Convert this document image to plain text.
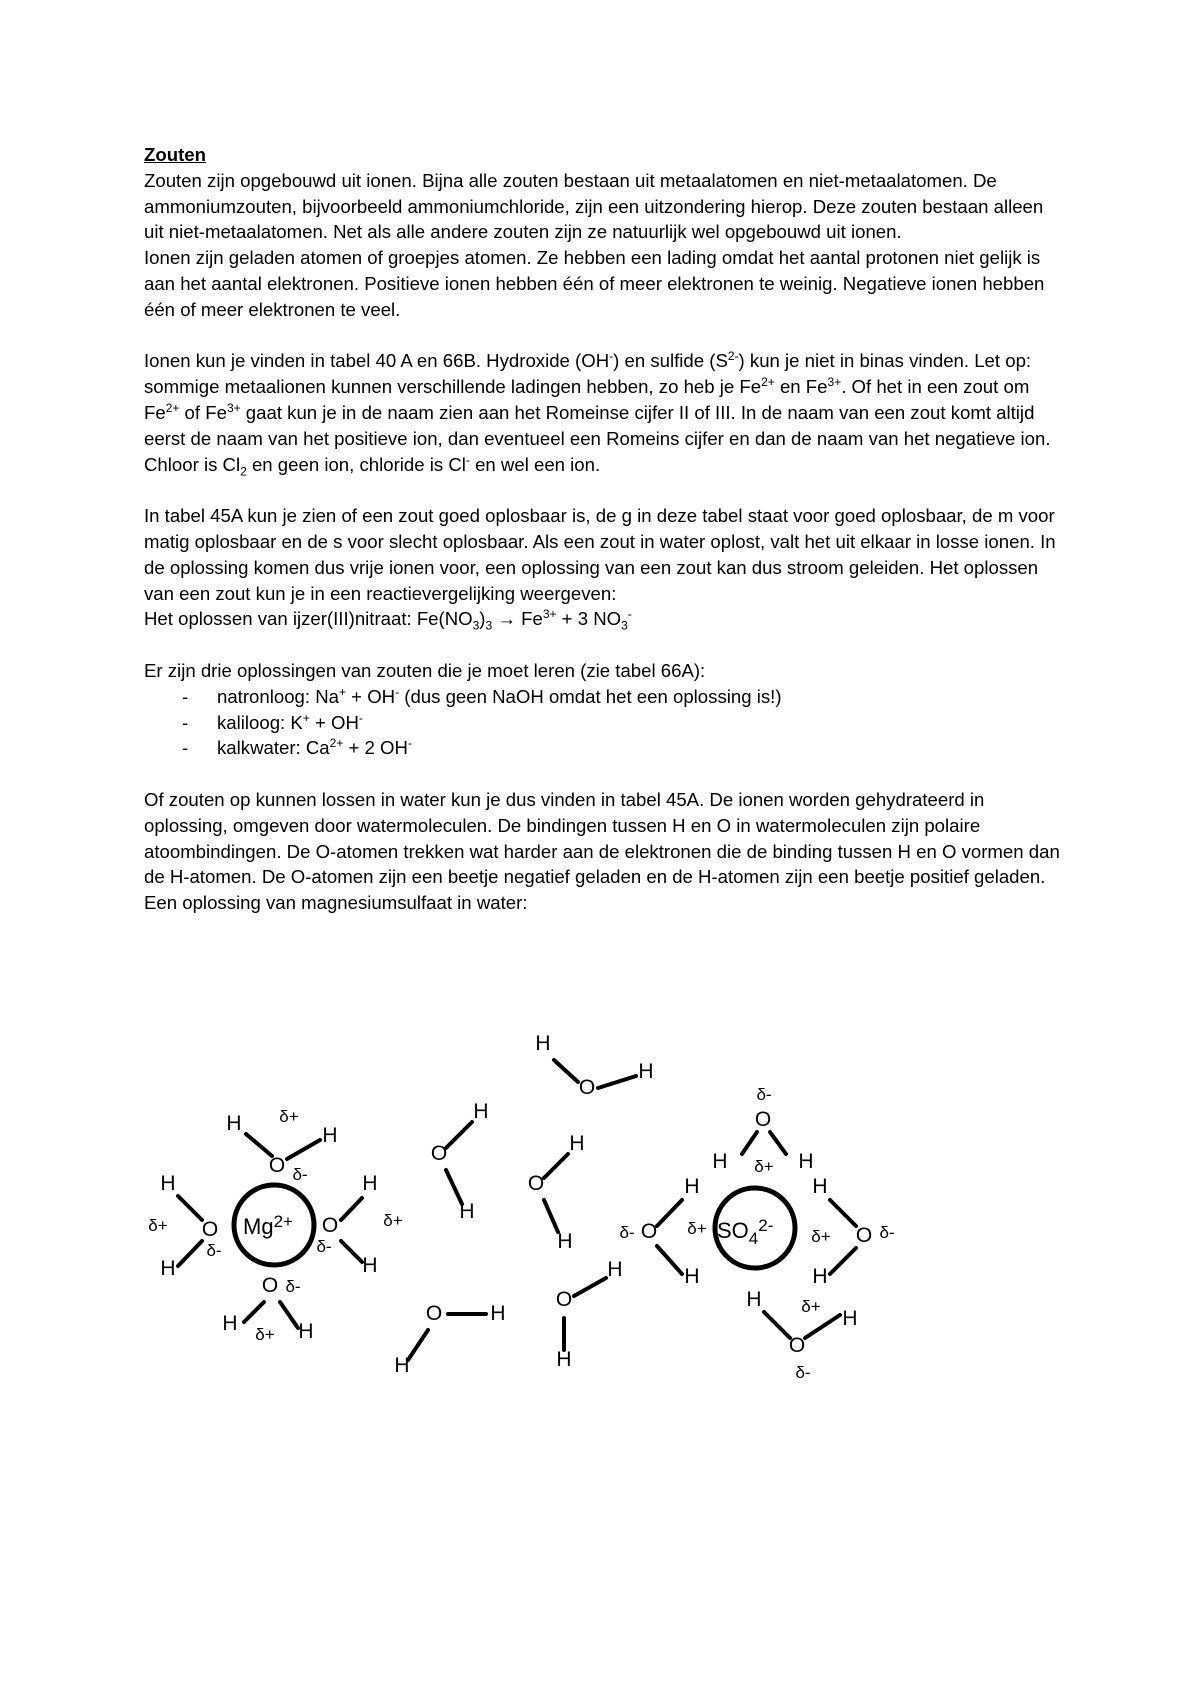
Zouten

Zouten zijn opgebouwd uit ionen. Bijna alle zouten bestaan uit metaalatomen en niet-metaalatomen. De ammoniumzouten, bijvoorbeeld ammoniumchloride, zijn een uitzondering hierop. Deze zouten bestaan alleen uit niet-metaalatomen. Net als alle andere zouten zijn ze natuurlijk wel opgebouwd uit ionen.

Ionen zijn geladen atomen of groepjes atomen. Ze hebben een lading omdat het aantal protonen niet gelijk is aan het aantal elektronen. Positieve ionen hebben één of meer elektronen te weinig. Negatieve ionen hebben één of meer elektronen te veel.

Ionen kun je vinden in tabel 40 A en 66B. Hydroxide (OH-) en sulfide $(S^{2-})$ kun je niet in binas vinden. Let op: sommige metaalionen kunnen verschillende ladingen hebben, zo heb je $Fe^{2+}$ en $Fe^{3+}$. Of het in een zout om $Fe^{2+}$ of $Fe^{3+}$ gaat kun je in de naam zien aan het Romeinse cijfer II of III. In de naam van een zout komt altijd eerst de naam van het positieve ion, dan eventueel een Romeins cijfer en dan de naam van het negatieve ion.

Chloor is $Cl_2$ en geen ion, chloride is Cl- en wel een ion.

In tabel 45A kun je zien of een zout goed oplosbaar is, de g in deze tabel staat voor goed oplosbaar, de m voor matig oplosbaar en de s voor slecht oplosbaar. Als een zout in water oplost, valt het uit elkaar in losse ionen. In de oplossing komen dus vrije ionen voor, een oplossing van een zout kan dus stroom geleiden. Het oplossen van een zout kun je in een reactievergelijking weergeven:

Het oplossen van ijzer(III)nitraat: $Fe(NO_3)_3 \to Fe^{3+} + 3$ $NO_3^-$

Er zijn drie oplossingen van zouten die je moet leren (zie tabel 66A):

- natronloog: Na+ + OH- (dus geen NaOH omdat het een oplossing is!)
- kaliloog: K+ + OH-
- kalkwater: $Ca^{2+} + 2$ OH-

Of zouten op kunnen lossen in water kun je dus vinden in tabel 45A. De ionen worden gehydrateerd in oplossing, omgeven door watermoleculen. De bindingen tussen H en O in watermoleculen zijn polaire atoombindingen. De O-atomen trekken wat harder aan de elektronen die de binding tussen H en O vormen dan de H-atomen. De O-atomen zijn een beetje negatief geladen en de H-atomen zijn een beetje positief geladen.

Een oplossing van magnesiumsulfaat in water:

$Mg^{2+}$
H δ+
O δ-
H
H
δ+ O
δ-
H
H
δ-
O	δ+
H
O δ-
H δ+ H
$SO_4^{2-}$
δ-
O
H δ+ H
H
δ- O δ+
H
H
δ+ O δ-
H
H δ+
H
O
δ-
H
O
H
O
H
H
O
H
H
O H
H
O
H
H
